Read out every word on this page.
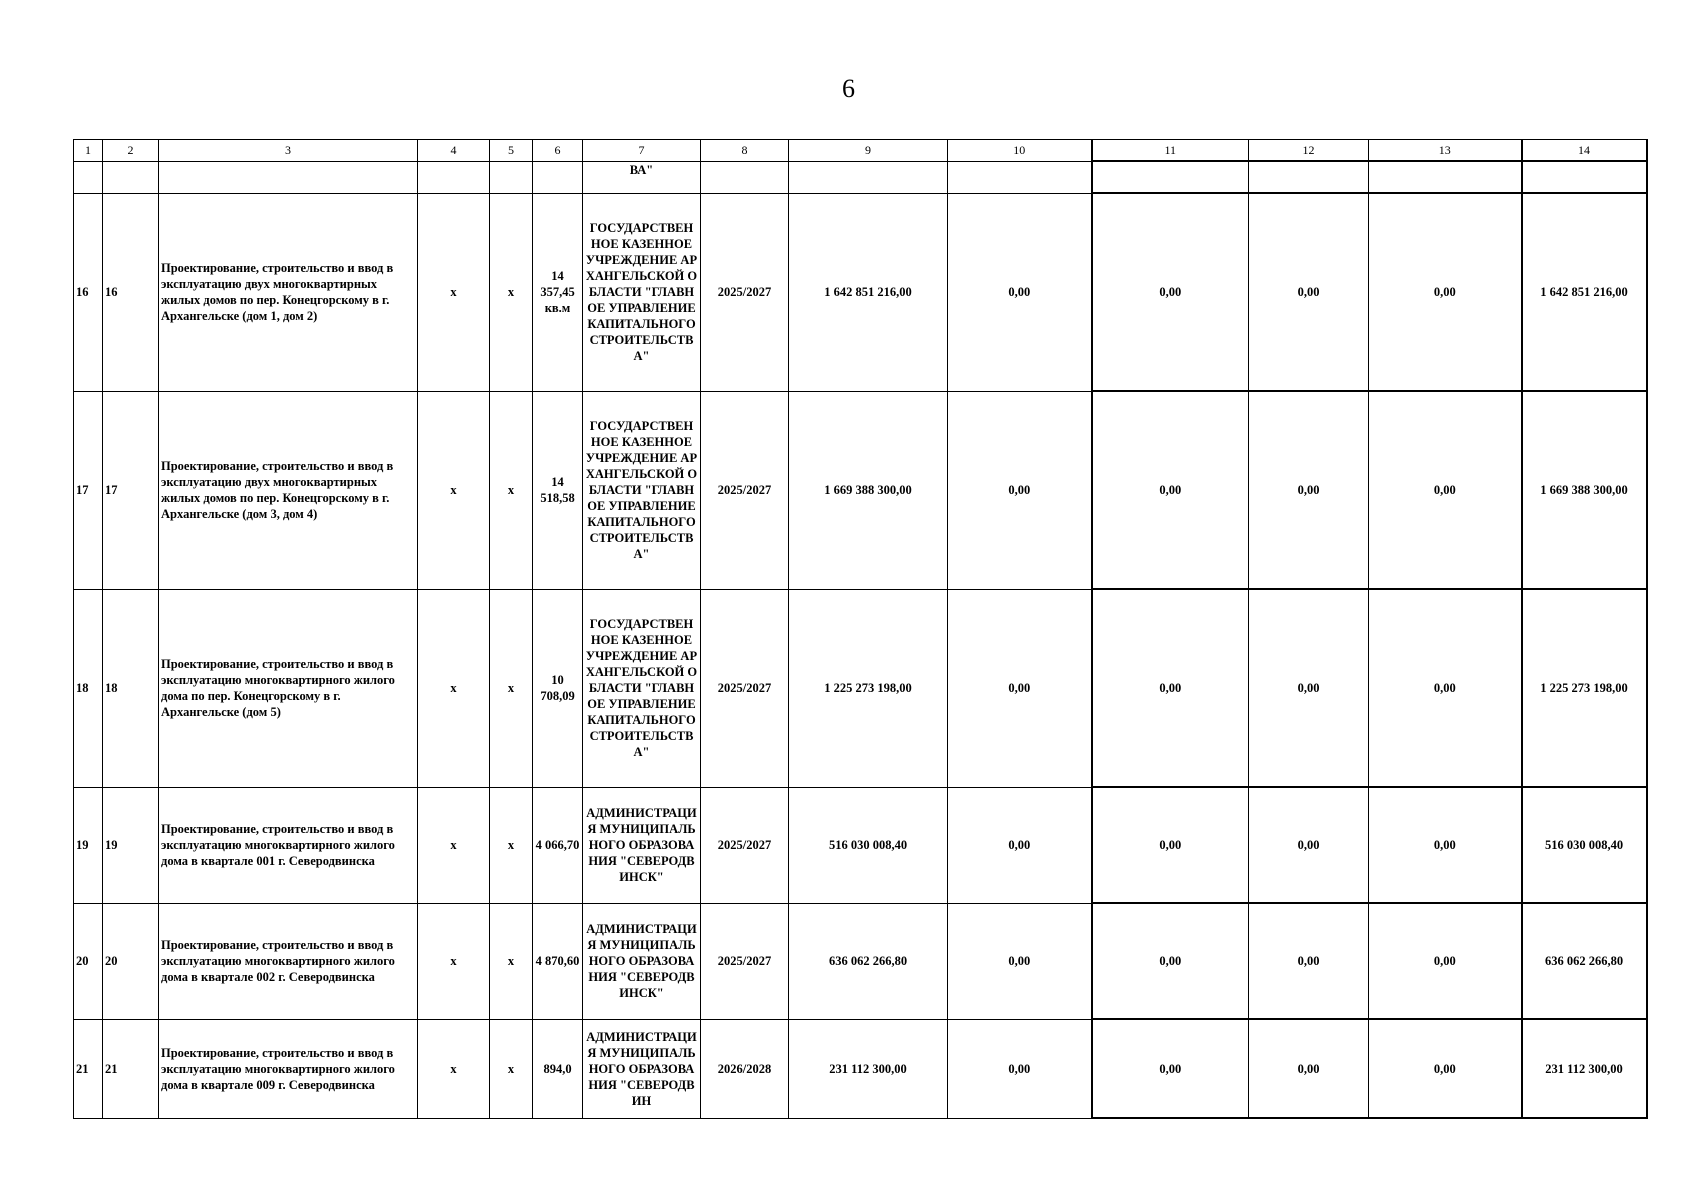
6
1	2	3	4	5	6	7	8	9	10	11	12	13	14
						ВА"							
16	16	Проектирование, строительство и ввод в эксплуатацию двух многоквартирных жилых домов по пер. Конецгорскому в г. Архангельске (дом 1, дом 2)	x	x	14 357,45 кв.м	ГОСУДАРСТВЕННОЕ КАЗЕННОЕ УЧРЕЖДЕНИЕ АРХАНГЕЛЬСКОЙ ОБЛАСТИ "ГЛАВНОЕ УПРАВЛЕНИЕ КАПИТАЛЬНОГО СТРОИТЕЛЬСТВА"	2025/2027	1 642 851 216,00	0,00	0,00	0,00	0,00	1 642 851 216,00
17	17	Проектирование, строительство и ввод в эксплуатацию двух многоквартирных жилых домов по пер. Конецгорскому в г. Архангельске (дом 3, дом 4)	x	x	14 518,58	ГОСУДАРСТВЕННОЕ КАЗЕННОЕ УЧРЕЖДЕНИЕ АРХАНГЕЛЬСКОЙ ОБЛАСТИ "ГЛАВНОЕ УПРАВЛЕНИЕ КАПИТАЛЬНОГО СТРОИТЕЛЬСТВА"	2025/2027	1 669 388 300,00	0,00	0,00	0,00	0,00	1 669 388 300,00
18	18	Проектирование, строительство и ввод в эксплуатацию многоквартирного жилого дома по пер. Конецгорскому в г. Архангельске (дом 5)	x	x	10 708,09	ГОСУДАРСТВЕННОЕ КАЗЕННОЕ УЧРЕЖДЕНИЕ АРХАНГЕЛЬСКОЙ ОБЛАСТИ "ГЛАВНОЕ УПРАВЛЕНИЕ КАПИТАЛЬНОГО СТРОИТЕЛЬСТВА"	2025/2027	1 225 273 198,00	0,00	0,00	0,00	0,00	1 225 273 198,00
19	19	Проектирование, строительство и ввод в эксплуатацию многоквартирного жилого дома в квартале 001 г. Северодвинска	x	x	4 066,70	АДМИНИСТРАЦИЯ МУНИЦИПАЛЬНОГО ОБРАЗОВАНИЯ "СЕВЕРОДВИНСК"	2025/2027	516 030 008,40	0,00	0,00	0,00	0,00	516 030 008,40
20	20	Проектирование, строительство и ввод в эксплуатацию многоквартирного жилого дома в квартале 002 г. Северодвинска	x	x	4 870,60	АДМИНИСТРАЦИЯ МУНИЦИПАЛЬНОГО ОБРАЗОВАНИЯ "СЕВЕРОДВИНСК"	2025/2027	636 062 266,80	0,00	0,00	0,00	0,00	636 062 266,80
21	21	Проектирование, строительство и ввод в эксплуатацию многоквартирного жилого дома в квартале 009 г. Северодвинска	x	x	894,0	АДМИНИСТРАЦИЯ МУНИЦИПАЛЬНОГО ОБРАЗОВАНИЯ "СЕВЕРОДВИН	2026/2028	231 112 300,00	0,00	0,00	0,00	0,00	231 112 300,00
